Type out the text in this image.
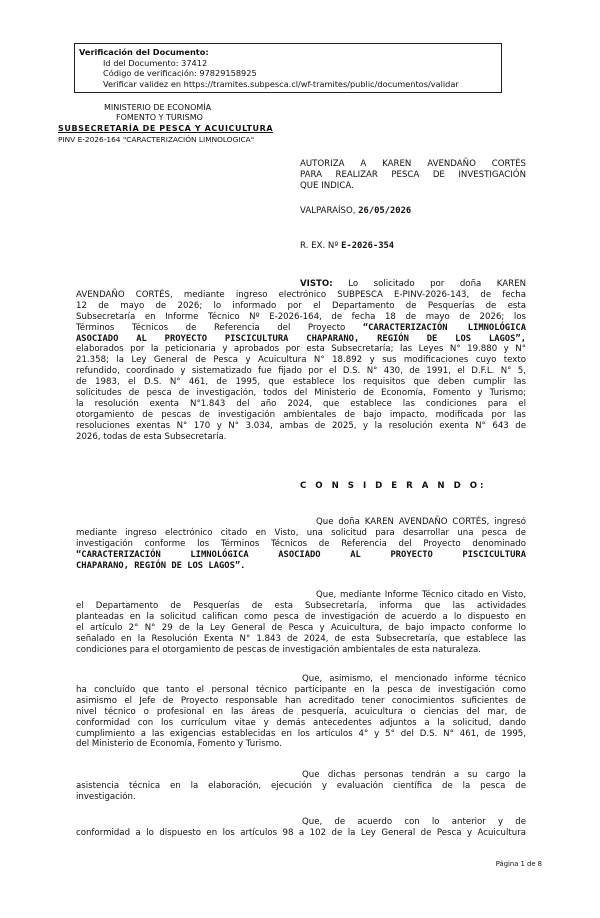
Verificación del Documento:
• Id del Documento: 37412
• Código de verificación: 97829158925
• Verificar validez en https://tramites.subpesca.cl/wf-tramites/public/documentos/validar
MINISTERIO DE ECONOMÍA
FOMENTO Y TURISMO
SUBSECRETARÍA DE PESCA Y ACUICULTURA
PINV E-2026-164 "CARACTERIZACIÓN LIMNOLOGICA"
AUTORIZA A KAREN AVENDAÑO CORTÉS
PARA REALIZAR PESCA DE INVESTIGACIÓN
QUE INDICA.
VALPARAÍSO, 26/05/2026
R. EX. Nº E-2026-354
VISTO: Lo solicitado por doña KAREN
AVENDAÑO CORTÉS, mediante ingreso electrónico SUBPESCA E-PINV-2026-143, de fecha
12 de mayo de 2026; lo informado por el Departamento de Pesquerías de esta
Subsecretaría en Informe Técnico Nº E-2026-164, de fecha 18 de mayo de 2026; los
Términos Técnicos de Referencia del Proyecto “CARACTERIZACIÓN LIMNOLÓGICA
ASOCIADO AL PROYECTO PISCICULTURA CHAPARANO, REGIÓN DE LOS LAGOS”,
elaborados por la peticionaria y aprobados por esta Subsecretaría; las Leyes N° 19.880 y N°
21.358; la Ley General de Pesca y Acuicultura N° 18.892 y sus modificaciones cuyo texto
refundido, coordinado y sistematizado fue fijado por el D.S. N° 430, de 1991, el D.F.L. N° 5,
de 1983, el D.S. N° 461, de 1995, que establece los requisitos que deben cumplir las
solicitudes de pesca de investigación, todos del Ministerio de Economía, Fomento y Turismo;
la resolución exenta N°1.843 del año 2024, que establece las condiciones para el
otorgamiento de pescas de investigación ambientales de bajo impacto, modificada por las
resoluciones exentas N° 170 y N° 3.034, ambas de 2025, y la resolución exenta N° 643 de
2026, todas de esta Subsecretaría.
C O N S I D E R A N D O:
Que doña KAREN AVENDAÑO CORTÉS, ingresó
mediante ingreso electrónico citado en Visto, una solicitud para desarrollar una pesca de
investigación conforme los Términos Técnicos de Referencia del Proyecto denominado
“CARACTERIZACIÓN LIMNOLÓGICA ASOCIADO AL PROYECTO PISCICULTURA
CHAPARANO, REGIÓN DE LOS LAGOS”.
Que, mediante Informe Técnico citado en Visto,
el Departamento de Pesquerías de esta Subsecretaría, informa que las actividades
planteadas en la solicitud califican como pesca de investigación de acuerdo a lo dispuesto en
el artículo 2° N° 29 de la Ley General de Pesca y Acuicultura, de bajo impacto conforme lo
señalado en la Resolución Exenta N° 1.843 de 2024, de esta Subsecretaría, que establece las
condiciones para el otorgamiento de pescas de investigación ambientales de esta naturaleza.
Que, asimismo, el mencionado informe técnico
ha concluido que tanto el personal técnico participante en la pesca de investigación como
asimismo el Jefe de Proyecto responsable han acreditado tener conocimientos suficientes de
nivel técnico o profesional en las áreas de pesquería, acuicultura o ciencias del mar, de
conformidad con los currículum vitae y demás antecedentes adjuntos a la solicitud, dando
cumplimiento a las exigencias establecidas en los artículos 4° y 5° del D.S. N° 461, de 1995,
del Ministerio de Economía, Fomento y Turismo.
Que dichas personas tendrán a su cargo la
asistencia técnica en la elaboración, ejecución y evaluación científica de la pesca de
investigación.
Que, de acuerdo con lo anterior y de
conformidad a lo dispuesto en los artículos 98 a 102 de la Ley General de Pesca y Acuicultura
Página 1 de 8
